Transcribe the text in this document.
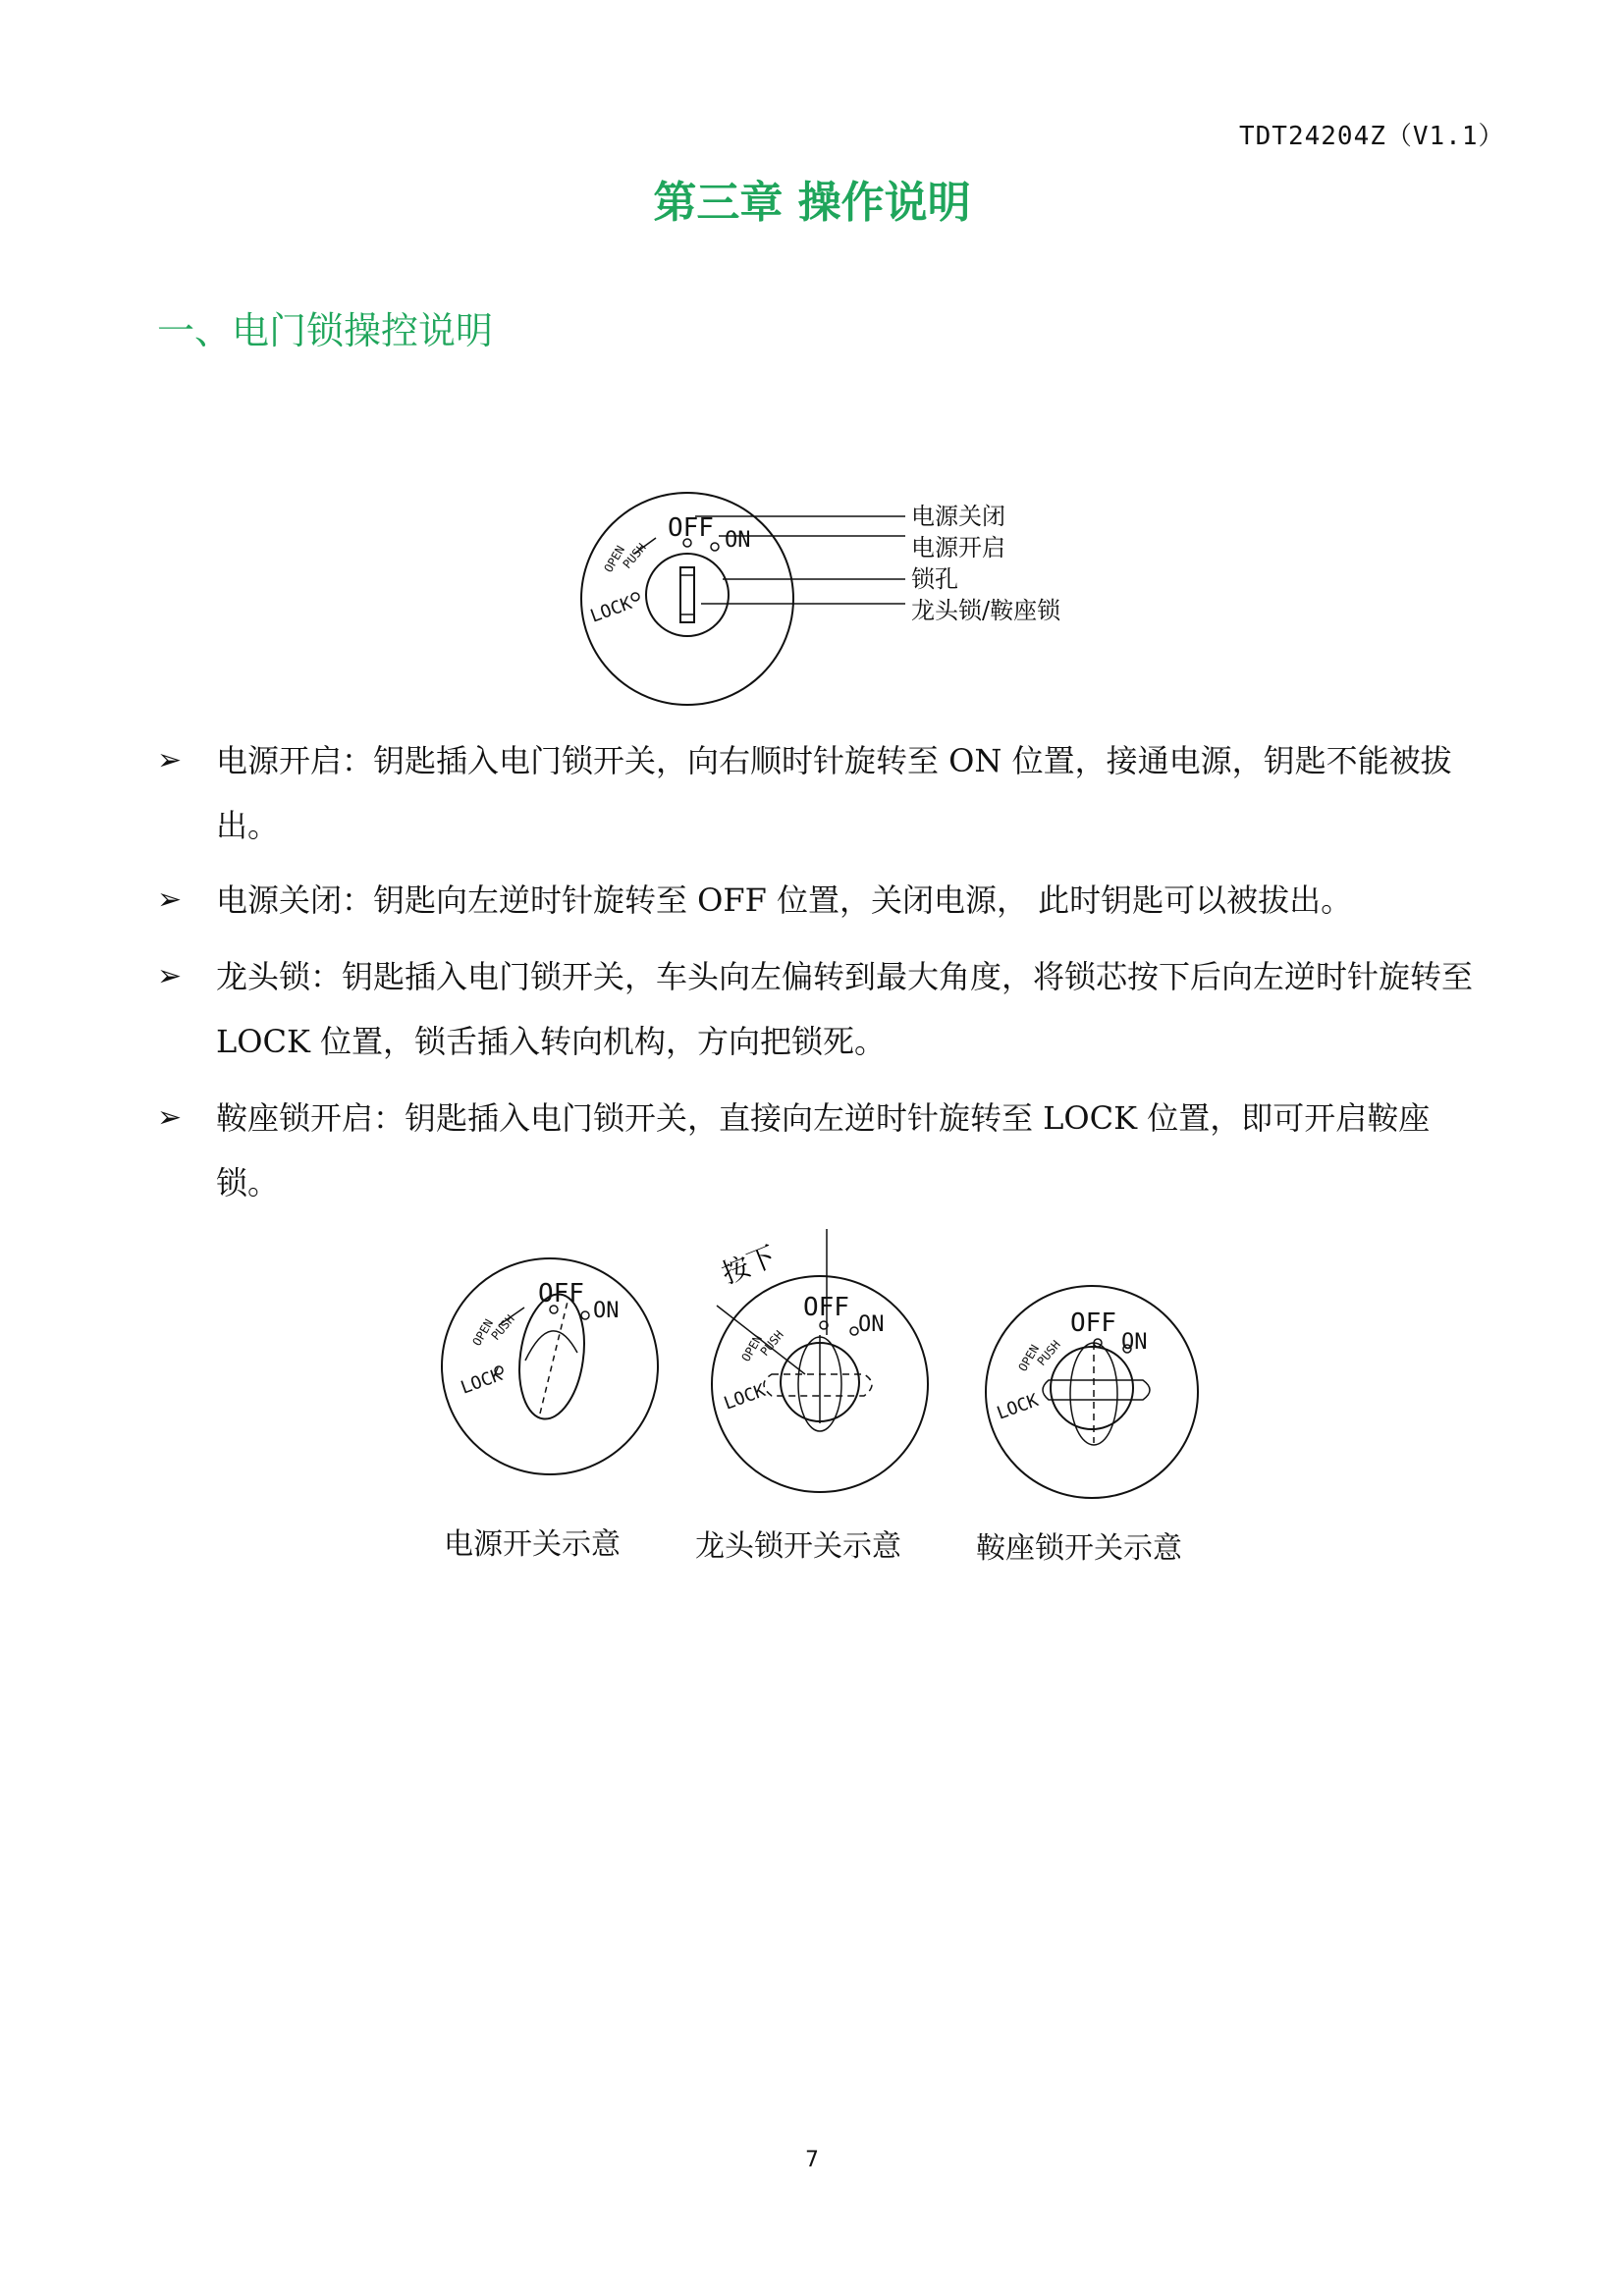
TDT24204Z（V1.1）
第三章 操作说明
一、电门锁操控说明
OFF ON
OPEN
PUSH
LOCK
电源关闭
电源开启
锁孔
龙头锁/鞍座锁
➢ 电源开启：钥匙插入电门锁开关，向右顺时针旋转至 ON 位置，接通电源，钥匙不能被拔出。
➢ 电源关闭：钥匙向左逆时针旋转至 OFF 位置，关闭电源， 此时钥匙可以被拔出。
➢ 龙头锁：钥匙插入电门锁开关，车头向左偏转到最大角度，将锁芯按下后向左逆时针旋转至 LOCK 位置，锁舌插入转向机构，方向把锁死。
➢ 鞍座锁开启：钥匙插入电门锁开关，直接向左逆时针旋转至 LOCK 位置，即可开启鞍座锁。
OFF
ON
OPEN
PUSH
LOCK
按下
OFF
ON
OPEN
PUSH
LOCK
OFF
ON
OPEN
PUSH
LOCK
电源开关示意	龙头锁开关示意	鞍座锁开关示意
7
